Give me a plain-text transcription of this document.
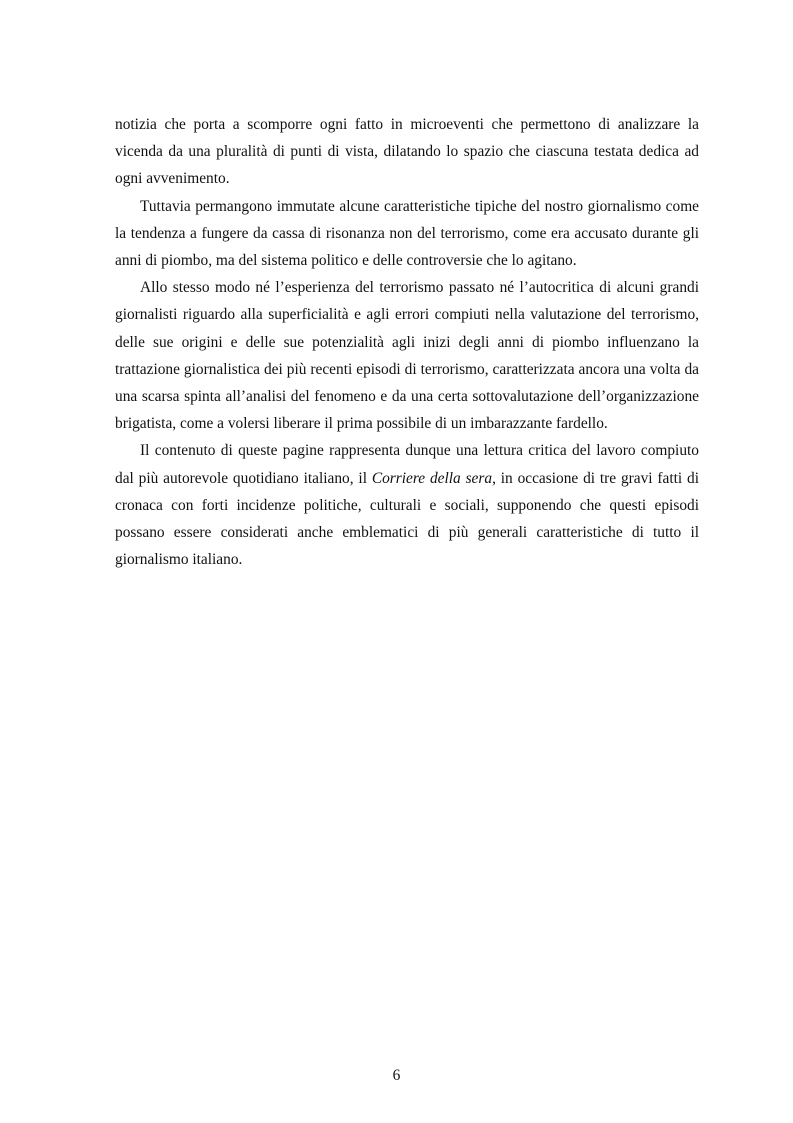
notizia che porta a scomporre ogni fatto in microeventi che permettono di analizzare la vicenda da una pluralità di punti di vista, dilatando lo spazio che ciascuna testata dedica ad ogni avvenimento.

Tuttavia permangono immutate alcune caratteristiche tipiche del nostro giornalismo come la tendenza a fungere da cassa di risonanza non del terrorismo, come era accusato durante gli anni di piombo, ma del sistema politico e delle controversie che lo agitano.

Allo stesso modo né l’esperienza del terrorismo passato né l’autocritica di alcuni grandi giornalisti riguardo alla superficialità e agli errori compiuti nella valutazione del terrorismo, delle sue origini e delle sue potenzialità agli inizi degli anni di piombo influenzano la trattazione giornalistica dei più recenti episodi di terrorismo, caratterizzata ancora una volta da una scarsa spinta all’analisi del fenomeno e da una certa sottovalutazione dell’organizzazione brigatista, come a volersi liberare il prima possibile di un imbarazzante fardello.

Il contenuto di queste pagine rappresenta dunque una lettura critica del lavoro compiuto dal più autorevole quotidiano italiano, il Corriere della sera, in occasione di tre gravi fatti di cronaca con forti incidenze politiche, culturali e sociali, supponendo che questi episodi possano essere considerati anche emblematici di più generali caratteristiche di tutto il giornalismo italiano.

6
